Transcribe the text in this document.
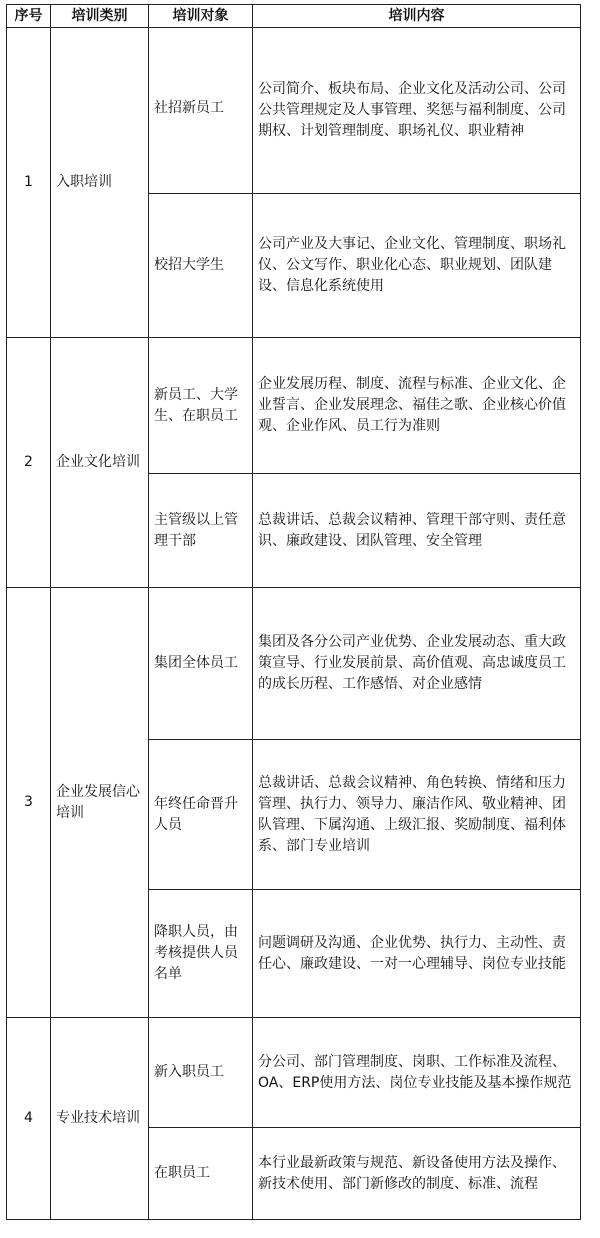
序号	培训类别	培训对象	培训内容
1	入职培训	社招新员工	公司简介、板块布局、企业文化及活动公司、公司公共管理规定及人事管理、奖惩与福利制度、公司期权、计划管理制度、职场礼仪、职业精神
		校招大学生	公司产业及大事记、企业文化、管理制度、职场礼仪、公文写作、职业化心态、职业规划、团队建设、信息化系统使用
2	企业文化培训	新员工、大学生、在职员工	企业发展历程、制度、流程与标准、企业文化、企业誓言、企业发展理念、福佳之歌、企业核心价值观、企业作风、员工行为准则
		主管级以上管理干部	总裁讲话、总裁会议精神、管理干部守则、责任意识、廉政建设、团队管理、安全管理
3	企业发展信心培训	集团全体员工	集团及各分公司产业优势、企业发展动态、重大政策宣导、行业发展前景、高价值观、高忠诚度员工的成长历程、工作感悟、对企业感情
		年终任命晋升人员	总裁讲话、总裁会议精神、角色转换、情绪和压力管理、执行力、领导力、廉洁作风、敬业精神、团队管理、下属沟通、上级汇报、奖励制度、福利体系、部门专业培训
		降职人员，由考核提供人员名单	问题调研及沟通、企业优势、执行力、主动性、责任心、廉政建设、一对一心理辅导、岗位专业技能
4	专业技术培训	新入职员工	分公司、部门管理制度、岗职、工作标准及流程、OA、ERP使用方法、岗位专业技能及基本操作规范
		在职员工	本行业最新政策与规范、新设备使用方法及操作、新技术使用、部门新修改的制度、标准、流程
